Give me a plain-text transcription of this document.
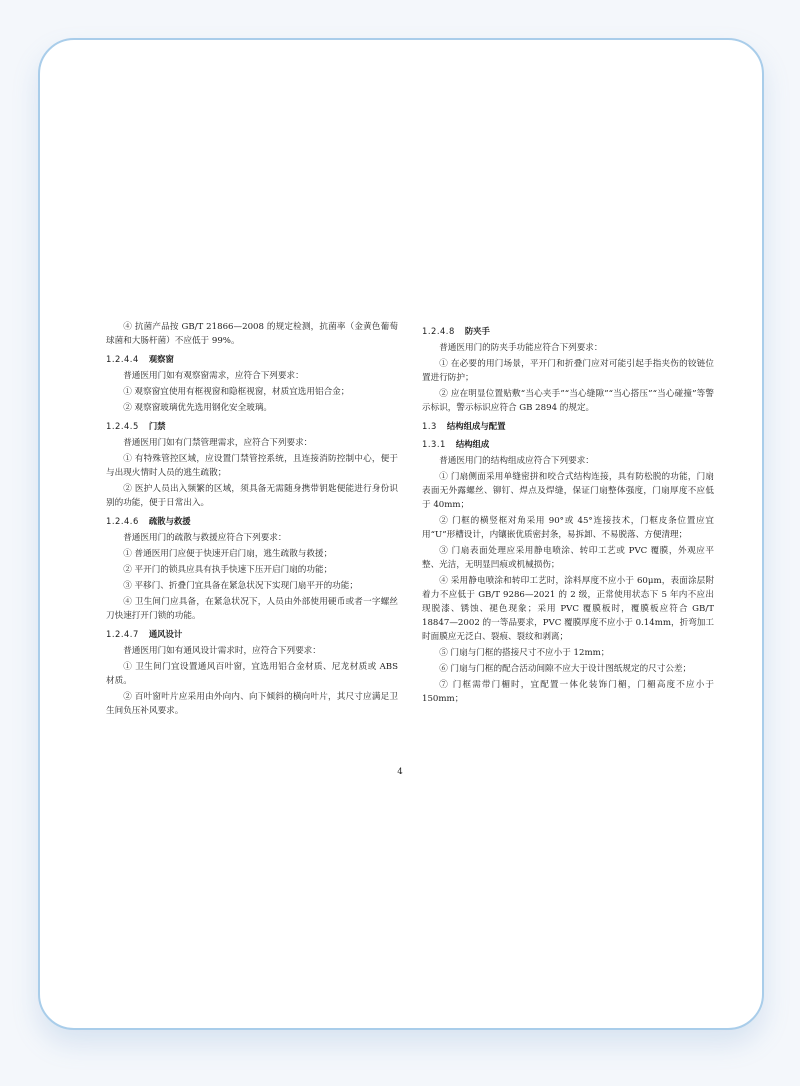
④ 抗菌产品按 GB/T 21866—2008 的规定检测，抗菌率（金黄色葡萄球菌和大肠杆菌）不应低于 99%。

1.2.4.4 观察窗

普通医用门如有观察窗需求，应符合下列要求：

① 观察窗宜使用有框视窗和隐框视窗，材质宜选用铝合金；

② 观察窗玻璃优先选用钢化安全玻璃。

1.2.4.5 门禁

普通医用门如有门禁管理需求，应符合下列要求：

① 有特殊管控区域，应设置门禁管控系统，且连接消防控制中心，便于与出现火情时人员的逃生疏散；

② 医护人员出入频繁的区域，须具备无需随身携带钥匙便能进行身份识别的功能，便于日常出入。

1.2.4.6 疏散与救援

普通医用门的疏散与救援应符合下列要求：

① 普通医用门应便于快速开启门扇，逃生疏散与救援；

② 平开门的锁具应具有执手快速下压开启门扇的功能；

③ 平移门、折叠门宜具备在紧急状况下实现门扇平开的功能；

④ 卫生间门应具备，在紧急状况下，人员由外部使用硬币或者一字螺丝刀快速打开门锁的功能。

1.2.4.7 通风设计

普通医用门如有通风设计需求时，应符合下列要求：

① 卫生间门宜设置通风百叶窗，宜选用铝合金材质、尼龙材质或 ABS 材质。

② 百叶窗叶片应采用由外向内、向下倾斜的横向叶片，其尺寸应满足卫生间负压补风要求。

1.2.4.8 防夹手

普通医用门的防夹手功能应符合下列要求：

① 在必要的用门场景，平开门和折叠门应对可能引起手指夹伤的铰链位置进行防护；

② 应在明显位置贴敷“当心夹手”“当心缝隙”“当心搭压”“当心碰撞”等警示标识，警示标识应符合 GB 2894 的规定。

1.3 结构组成与配置
1.3.1 结构组成

普通医用门的结构组成应符合下列要求：

① 门扇侧面采用单缝密拼和咬合式结构连接，具有防松脱的功能，门扇表面无外露螺丝、铆钉、焊点及焊缝，保证门扇整体强度，门扇厚度不应低于 40mm；

② 门框的横竖框对角采用 90°或 45°连接技术，门框皮条位置应宜用“U”形槽设计，内镶嵌优质密封条，易拆卸、不易脱落、方便清理；

③ 门扇表面处理应采用静电喷涂、转印工艺或 PVC 覆膜，外观应平整、光洁，无明显凹痕或机械损伤；

④ 采用静电喷涂和转印工艺时，涂料厚度不应小于 60μm，表面涂层附着力不应低于 GB/T 9286—2021 的 2 级，正常使用状态下 5 年内不应出现脱漆、锈蚀、褪色现象；采用 PVC 覆膜板时，覆膜板应符合 GB/T 18847—2002 的一等品要求，PVC 覆膜厚度不应小于 0.14mm，折弯加工时面膜应无泛白、裂痕、裂纹和剥离；

⑤ 门扇与门框的搭接尺寸不应小于 12mm；

⑥ 门扇与门框的配合活动间隙不应大于设计图纸规定的尺寸公差；

⑦ 门框需带门楣时，宜配置一体化装饰门楣，门楣高度不应小于 150mm；

4
